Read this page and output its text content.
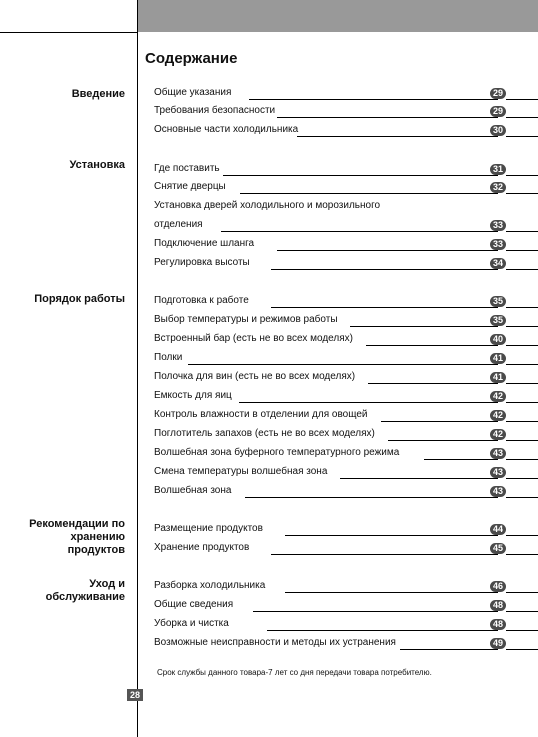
Содержание
Введение
Установка
Порядок работы
Рекомендации по хранению продуктов
Уход и обслуживание
Общие указания	29
Требования безопасности	29
Основные части холодильника	30
Где поставить	31
Снятие дверцы	32
Установка дверей холодильного и морозильного
отделения	33
Подключение шланга	33
Регулировка высоты	34
Подготовка к работе	35
Выбор температуры и режимов работы	35
Встроенный бар (есть не во всех моделях)	40
Полки	41
Полочка для вин (есть не во всех моделях)	41
Емкость для яиц	42
Контроль влажности в отделении для овощей	42
Поглотитель запахов (есть не во всех моделях)	42
Волшебная зона буферного температурного режима	43
Смена температуры волшебная зона	43
Волшебная зона	43
Размещение продуктов	44
Хранение продуктов	45
Разборка холодильника	46
Общие сведения	48
Уборка и чистка	48
Возможные неисправности и методы их устранения	49
Срок службы данного товара-7 лет со дня передачи товара потребителю.
28
